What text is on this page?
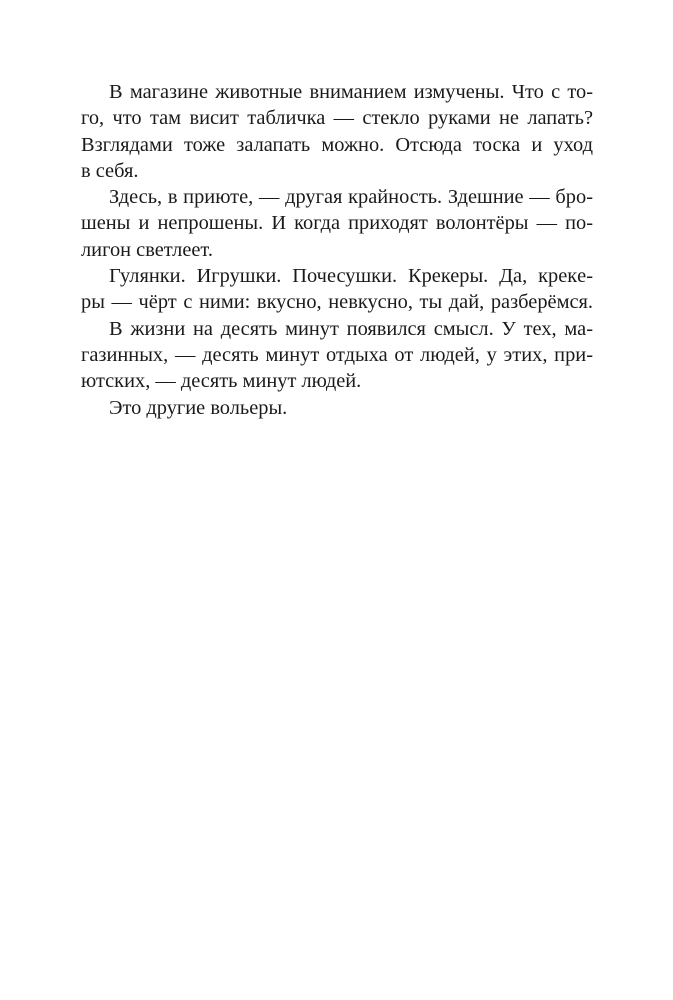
В магазине животные вниманием измучены. Что с то-
го, что там висит табличка — стекло руками не лапать?
Взглядами тоже залапать можно. Отсюда тоска и уход
в себя.
Здесь, в приюте, — другая крайность. Здешние — бро-
шены и непрошены. И когда приходят волонтёры — по-
лигон светлеет.
Гулянки. Игрушки. Почесушки. Крекеры. Да, крекe-
ры — чёрт с ними: вкусно, невкусно, ты дай, разберёмся.
В жизни на десять минут появился смысл. У тех, ма-
газинных, — десять минут отдыха от людей, у этих, при-
ютских, — десять минут людей.
Это другие вольеры.
